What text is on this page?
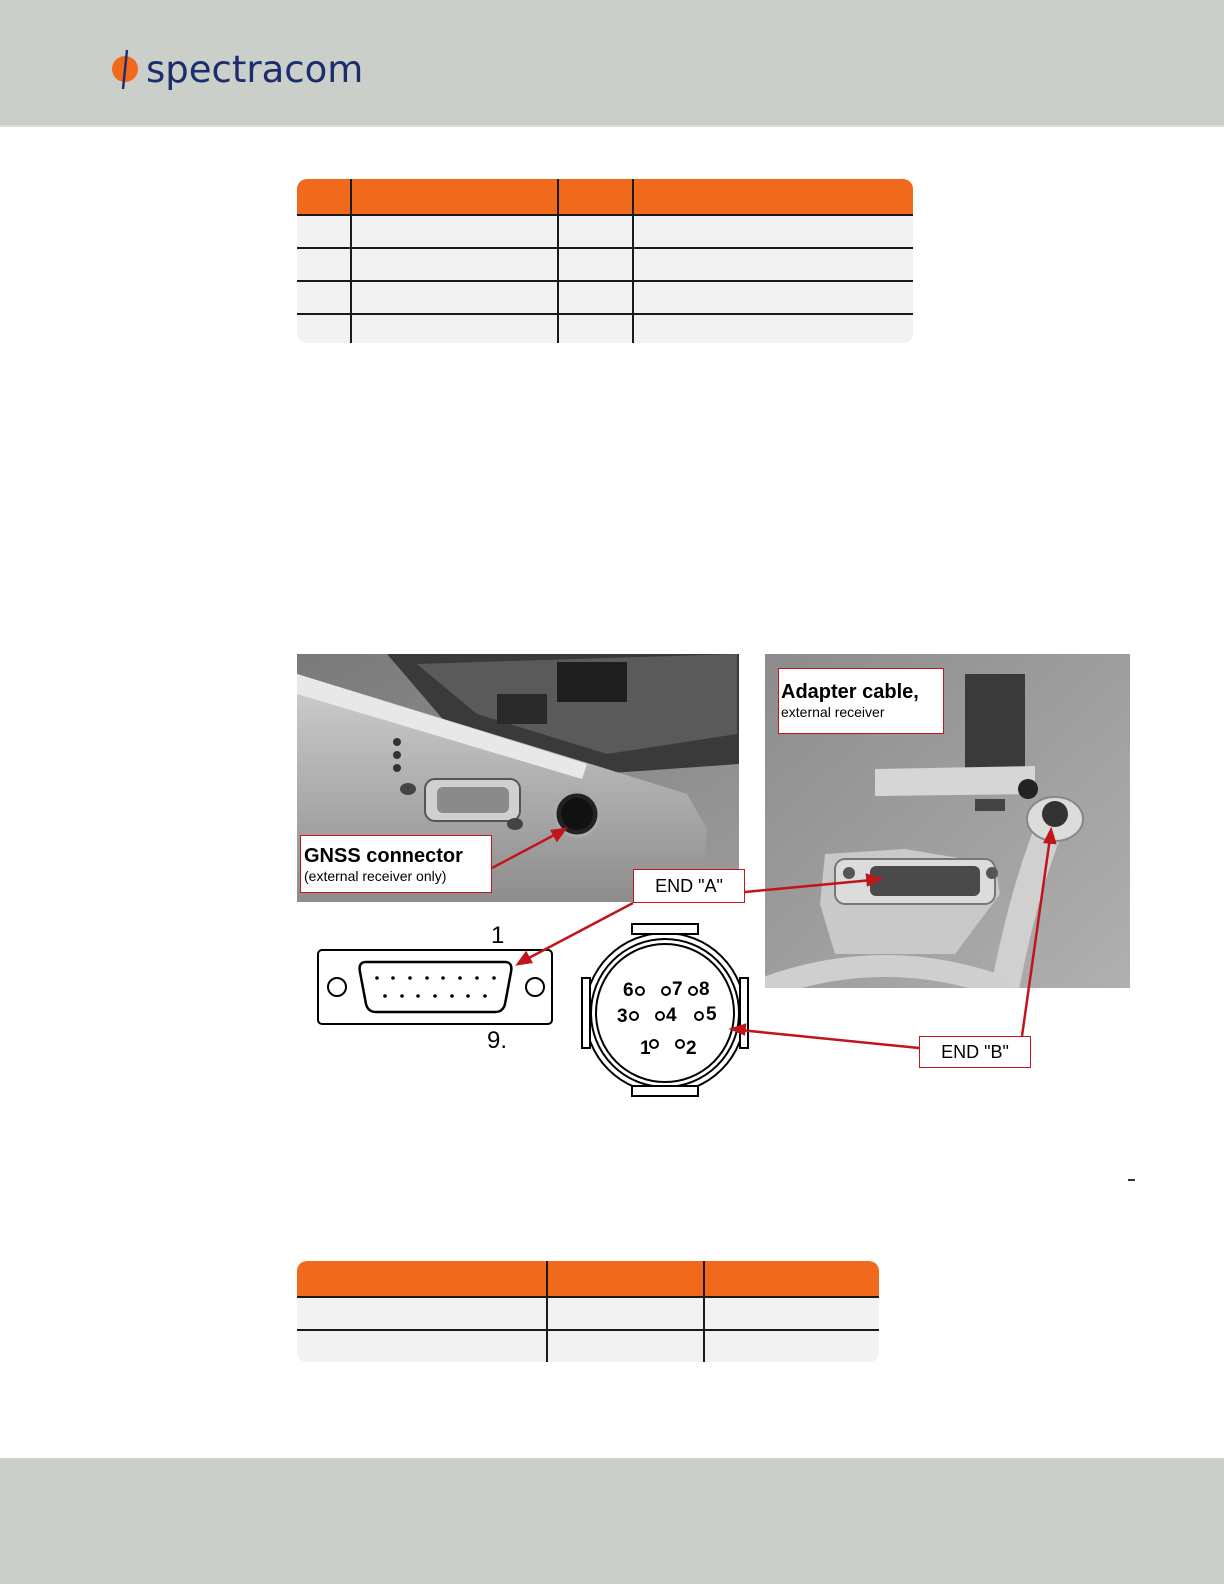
spectracom
GNSS connector
(external receiver only)
Adapter cable,
external receiver
END "A"
END "B"
1
9.
6 7 8
3 4 5
1 2
